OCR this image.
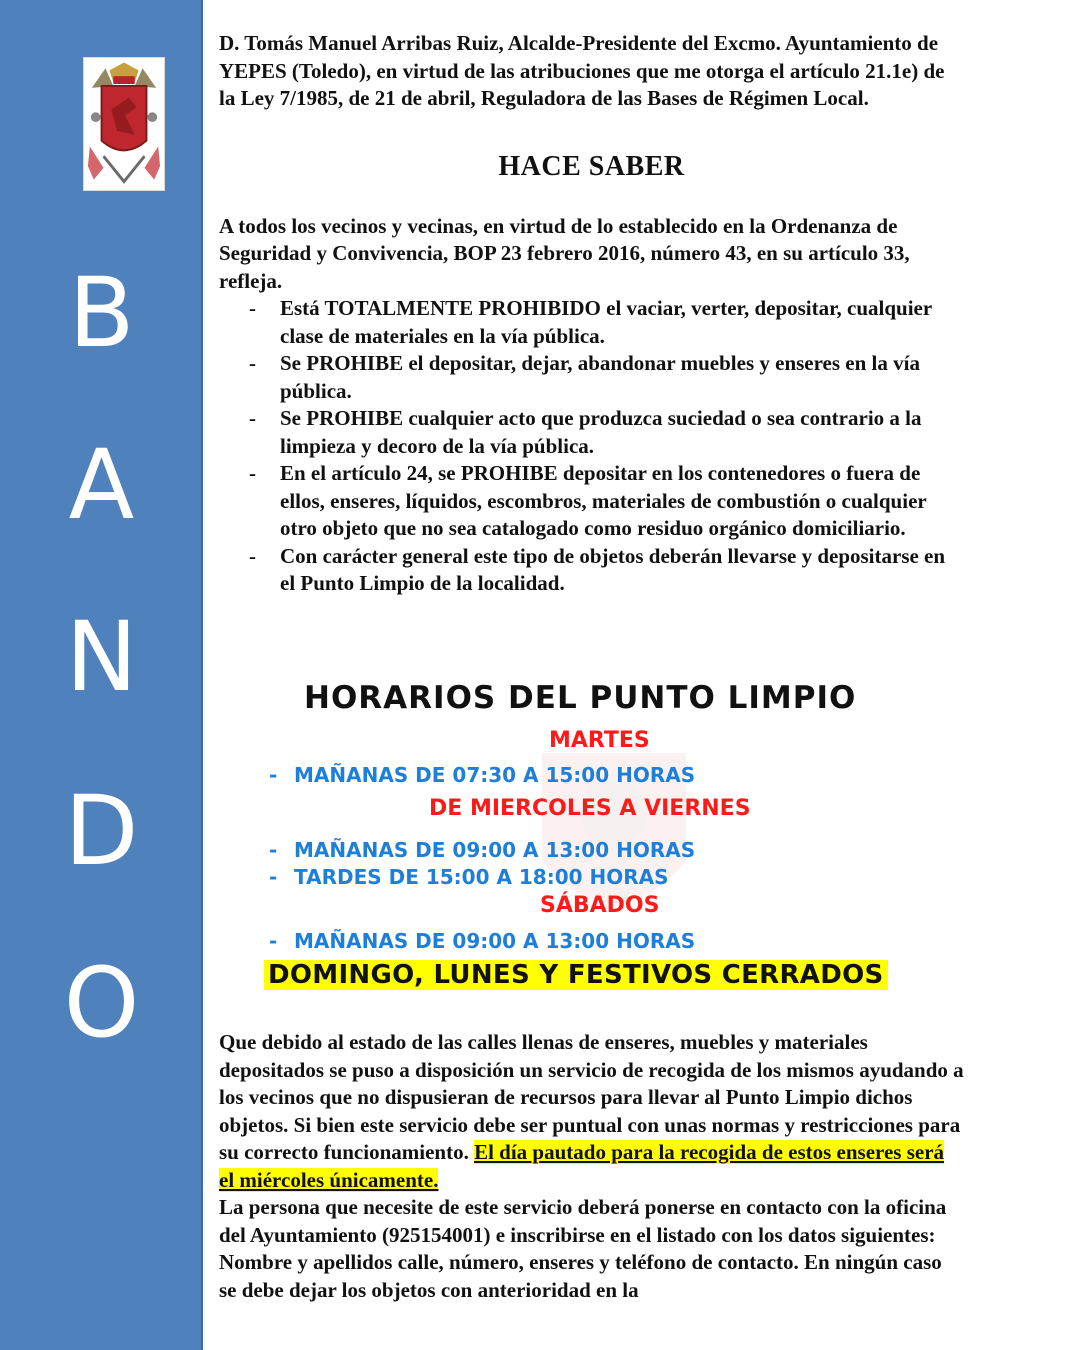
B
A
N
D
O

D. Tomás Manuel Arribas Ruiz, Alcalde-Presidente del Excmo. Ayuntamiento de YEPES (Toledo), en virtud de las atribuciones que me otorga el artículo 21.1e) de la Ley 7/1985, de 21 de abril, Reguladora de las Bases de Régimen Local.

HACE SABER

A todos los vecinos y vecinas, en virtud de lo establecido en la Ordenanza de Seguridad y Convivencia, BOP 23 febrero 2016, número 43, en su artículo 33, refleja.

- Está TOTALMENTE PROHIBIDO el vaciar, verter, depositar, cualquier clase de materiales en la vía pública.
- Se PROHIBE el depositar, dejar, abandonar muebles y enseres en la vía pública.
- Se PROHIBE cualquier acto que produzca suciedad o sea contrario a la limpieza y decoro de la vía pública.
- En el artículo 24, se PROHIBE depositar en los contenedores o fuera de ellos, enseres, líquidos, escombros, materiales de combustión o cualquier otro objeto que no sea catalogado como residuo orgánico domiciliario.
- Con carácter general este tipo de objetos deberán llevarse y depositarse en el Punto Limpio de la localidad.
HORARIOS DEL PUNTO LIMPIO
MARTES
- MAÑANAS DE 07:30 A 15:00 HORAS
DE MIERCOLES A VIERNES
- MAÑANAS DE 09:00 A 13:00 HORAS
- TARDES DE 15:00 A 18:00 HORAS
SÁBADOS
- MAÑANAS DE 09:00 A 13:00 HORAS
DOMINGO, LUNES Y FESTIVOS CERRADOS

Que debido al estado de las calles llenas de enseres, muebles y materiales depositados se puso a disposición un servicio de recogida de los mismos ayudando a los vecinos que no dispusieran de recursos para llevar al Punto Limpio dichos objetos. Si bien este servicio debe ser puntual con unas normas y restricciones para su correcto funcionamiento. El día pautado para la recogida de estos enseres será el miércoles únicamente.
La persona que necesite de este servicio deberá ponerse en contacto con la oficina del Ayuntamiento (925154001) e inscribirse en el listado con los datos siguientes: Nombre y apellidos calle, número, enseres y teléfono de contacto. En ningún caso se debe dejar los objetos con anterioridad en la
